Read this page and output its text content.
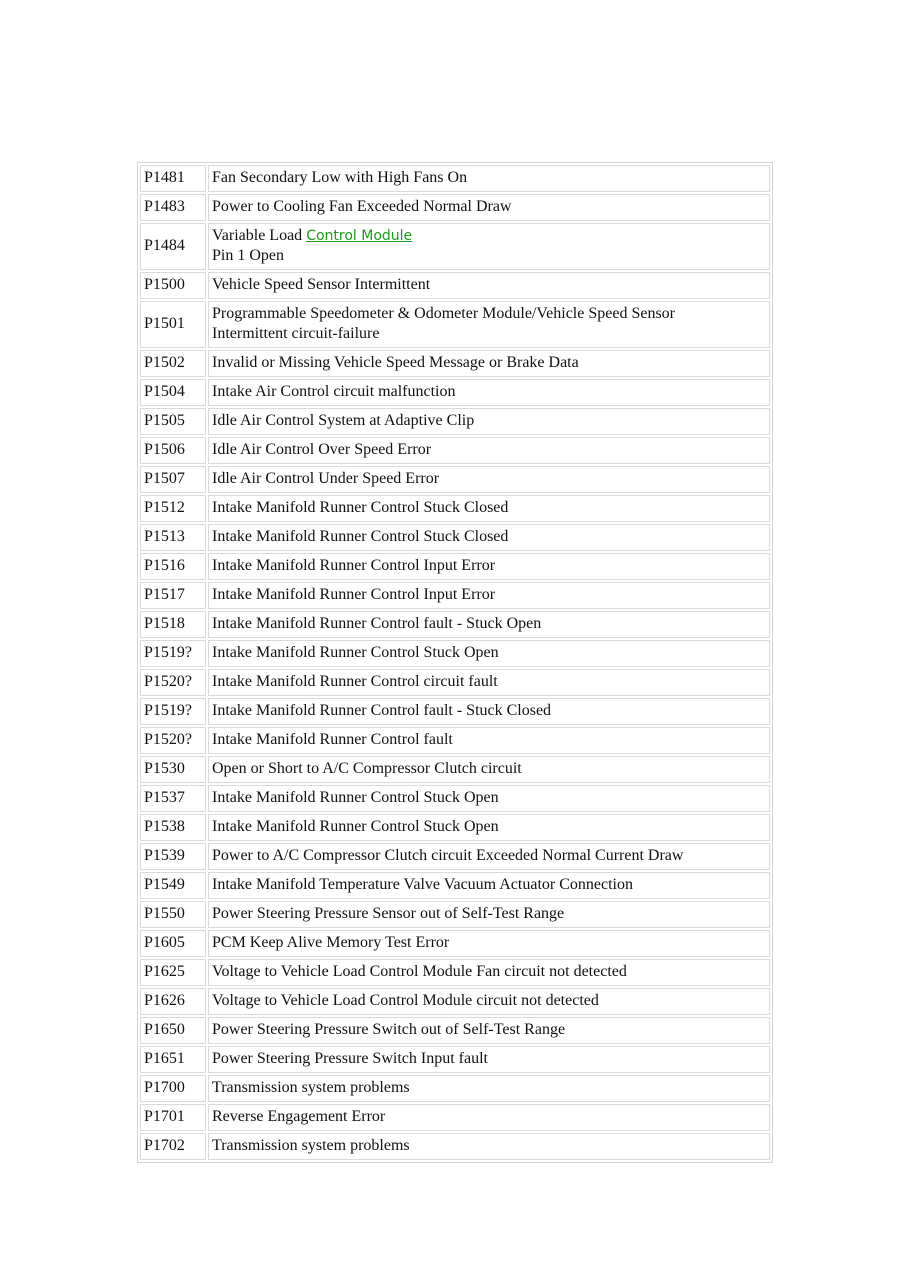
P1481	Fan Secondary Low with High Fans On
P1483	Power to Cooling Fan Exceeded Normal Draw
P1484	Variable Load Control Module
Pin 1 Open
P1500	Vehicle Speed Sensor Intermittent
P1501	Programmable Speedometer & Odometer Module/Vehicle Speed Sensor
Intermittent circuit-failure
P1502	Invalid or Missing Vehicle Speed Message or Brake Data
P1504	Intake Air Control circuit malfunction
P1505	Idle Air Control System at Adaptive Clip
P1506	Idle Air Control Over Speed Error
P1507	Idle Air Control Under Speed Error
P1512	Intake Manifold Runner Control Stuck Closed
P1513	Intake Manifold Runner Control Stuck Closed
P1516	Intake Manifold Runner Control Input Error
P1517	Intake Manifold Runner Control Input Error
P1518	Intake Manifold Runner Control fault - Stuck Open
P1519?	Intake Manifold Runner Control Stuck Open
P1520?	Intake Manifold Runner Control circuit fault
P1519?	Intake Manifold Runner Control fault - Stuck Closed
P1520?	Intake Manifold Runner Control fault
P1530	Open or Short to A/C Compressor Clutch circuit
P1537	Intake Manifold Runner Control Stuck Open
P1538	Intake Manifold Runner Control Stuck Open
P1539	Power to A/C Compressor Clutch circuit Exceeded Normal Current Draw
P1549	Intake Manifold Temperature Valve Vacuum Actuator Connection
P1550	Power Steering Pressure Sensor out of Self-Test Range
P1605	PCM Keep Alive Memory Test Error
P1625	Voltage to Vehicle Load Control Module Fan circuit not detected
P1626	Voltage to Vehicle Load Control Module circuit not detected
P1650	Power Steering Pressure Switch out of Self-Test Range
P1651	Power Steering Pressure Switch Input fault
P1700	Transmission system problems
P1701	Reverse Engagement Error
P1702	Transmission system problems
